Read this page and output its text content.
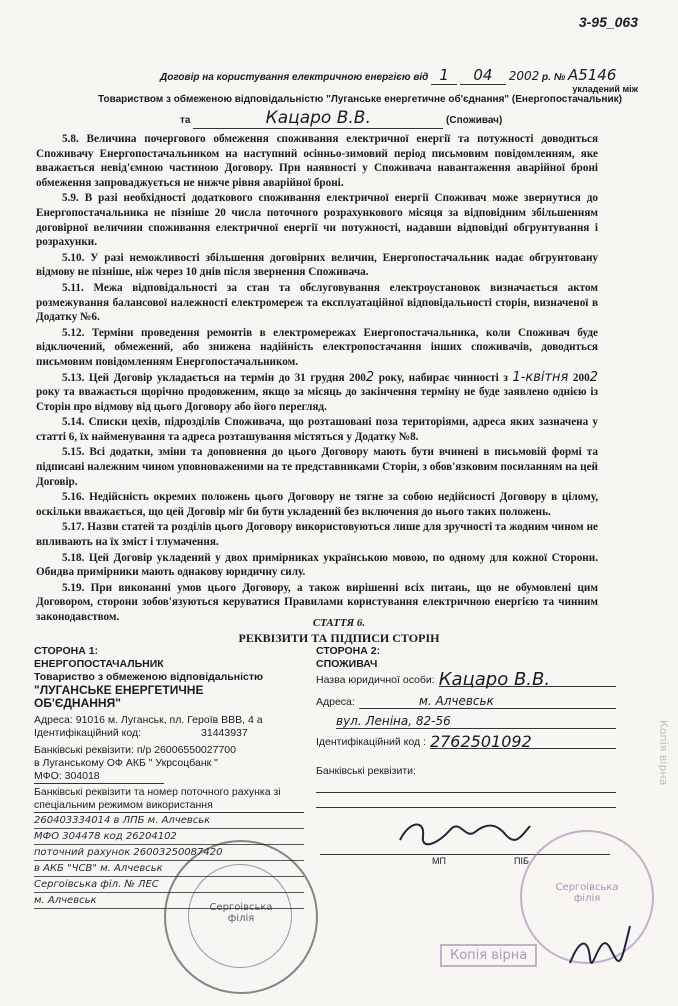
3-95_063
Договір на користування електричною енергією від 1 04 2002 р. № А5146
укладений між
Товариством з обмеженою відповідальністю "Луганське енергетичне об'єднання" (Енергопостачальник)
та	Кацаро В.В.	(Споживач)

5.8. Величина почергового обмеження споживання електричної енергії та потужності доводиться Споживачу Енергопостачальником на наступний осінньо-зимовий період письмовим повідомленням, яке вважається невід'ємною частиною Договору. При наявності у Споживача навантаження аварійної броні обмеження запроваджується не нижче рівня аварійної броні.

5.9. В разі необхідності додаткового споживання електричної енергії Споживач може звернутися до Енергопостачальника не пізніше 20 числа поточного розрахункового місяця за відповідним збільшенням договірної величини споживання електричної енергії чи потужності, надавши відповідні обгрунтування і розрахунки.

5.10. У разі неможливості збільшення договірних величин, Енергопостачальник надає обгрунтовану відмову не пізніше, ніж через 10 днів після звернення Споживача.

5.11. Межа відповідальності за стан та обслуговування електроустановок визначається актом розмежування балансової належності електромереж та експлуатаційної відповідальності сторін, визначеної в Додатку №6.

5.12. Терміни проведення ремонтів в електромережах Енергопостачальника, коли Споживач буде відключений, обмежений, або знижена надійність електропостачання інших споживачів, доводиться письмовим повідомленням Енергопостачальником.

5.13. Цей Договір укладається на термін до 31 грудня 2002 року, набирає чинності з 1-квітня 2002 року та вважається щорічно продовженим, якщо за місяць до закінчення терміну не буде заявлено однією із Сторін про відмову від цього Договору або його перегляд.

5.14. Списки цехів, підрозділів Споживача, що розташовані поза територіями, адреса яких зазначена у статті 6, їх найменування та адреса розташування містяться у Додатку №8.

5.15. Всі додатки, зміни та доповнення до цього Договору мають бути вчинені в письмовій формі та підписані належним чином уповноваженими на те представниками Сторін, з обов'язковим посиланням на цей Договір.

5.16. Недійсність окремих положень цього Договору не тягне за собою недійсності Договору в цілому, оскільки вважається, що цей Договір міг би бути укладений без включення до нього таких положень.

5.17. Назви статей та розділів цього Договору використовуються лише для зручності та жодним чином не впливають на їх зміст і тлумачення.

5.18. Цей Договір укладений у двох примірниках українською мовою, по одному для кожної Сторони. Обидва примірники мають однакову юридичну силу.

5.19. При виконанні умов цього Договору, а також вирішенні всіх питань, що не обумовлені цим Договором, сторони зобов'язуються керуватися Правилами користування електричною енергією та чинним законодавством.	СТАТТЯ 6.
РЕКВІЗИТИ ТА ПІДПИСИ СТОРІН
СТОРОНА 1:
ЕНЕРГОПОСТАЧАЛЬНИК
Товариство з обмеженою відповідальністю
"ЛУГАНСЬКЕ ЕНЕРГЕТИЧНЕ
ОБ'ЄДНАННЯ"
Адреса: 91016 м. Луганськ, пл. Героїв ВВВ, 4 а
Ідентифікаційний код:	31443937
Банківські реквізити: п/р 26006550027700
в Луганському ОФ АКБ " Укрсоцбанк "
МФО: 304018
Банківські реквізити та номер поточного рахунка зі
спеціальним режимом використання
260403334014 в ЛПБ м. Алчевськ
МФО 304478 код 26204102
поточний рахунок 26003250087420
в АКБ "ЧСВ" м. Алчевськ
Сергоівська філ. № ЛЕС
м. Алчевськ
Сергоівська філія
СТОРОНА 2:
СПОЖИВАЧ
Назва юридичної особи: Кацаро В.В.
Адреса:	м. Алчевськ
вул. Леніна, 82-56
Ідентифікаційний код : 2762501092
Банківські реквізити:
МП	ПІБ
Сергоівська філія
Копія вірна
Копія вірна
